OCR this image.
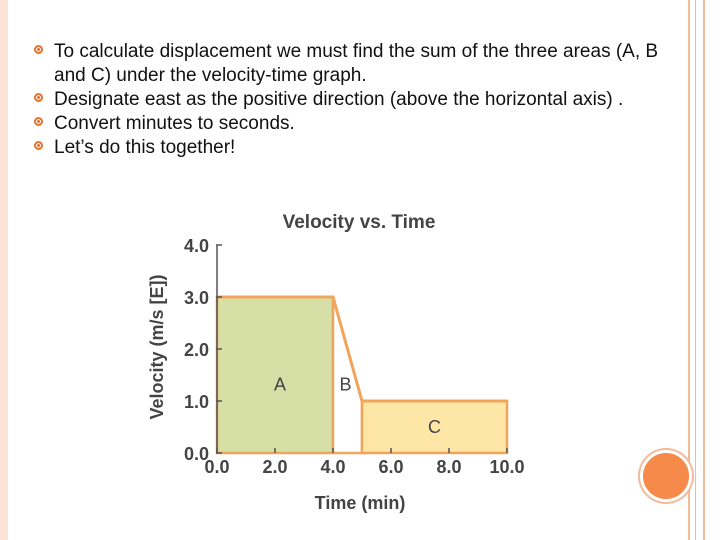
To calculate displacement we must find the sum of the three areas (A, B and C) under the velocity-time graph.
Designate east as the positive direction (above the horizontal axis) .
Convert minutes to seconds.
Let’s do this together!
Velocity vs. Time
Velocity (m/s [E])
Time (min)
A	B
C
0.0
1.0
2.0
3.0
4.0
0.0 2.0 4.0 6.0 8.0 10.0
